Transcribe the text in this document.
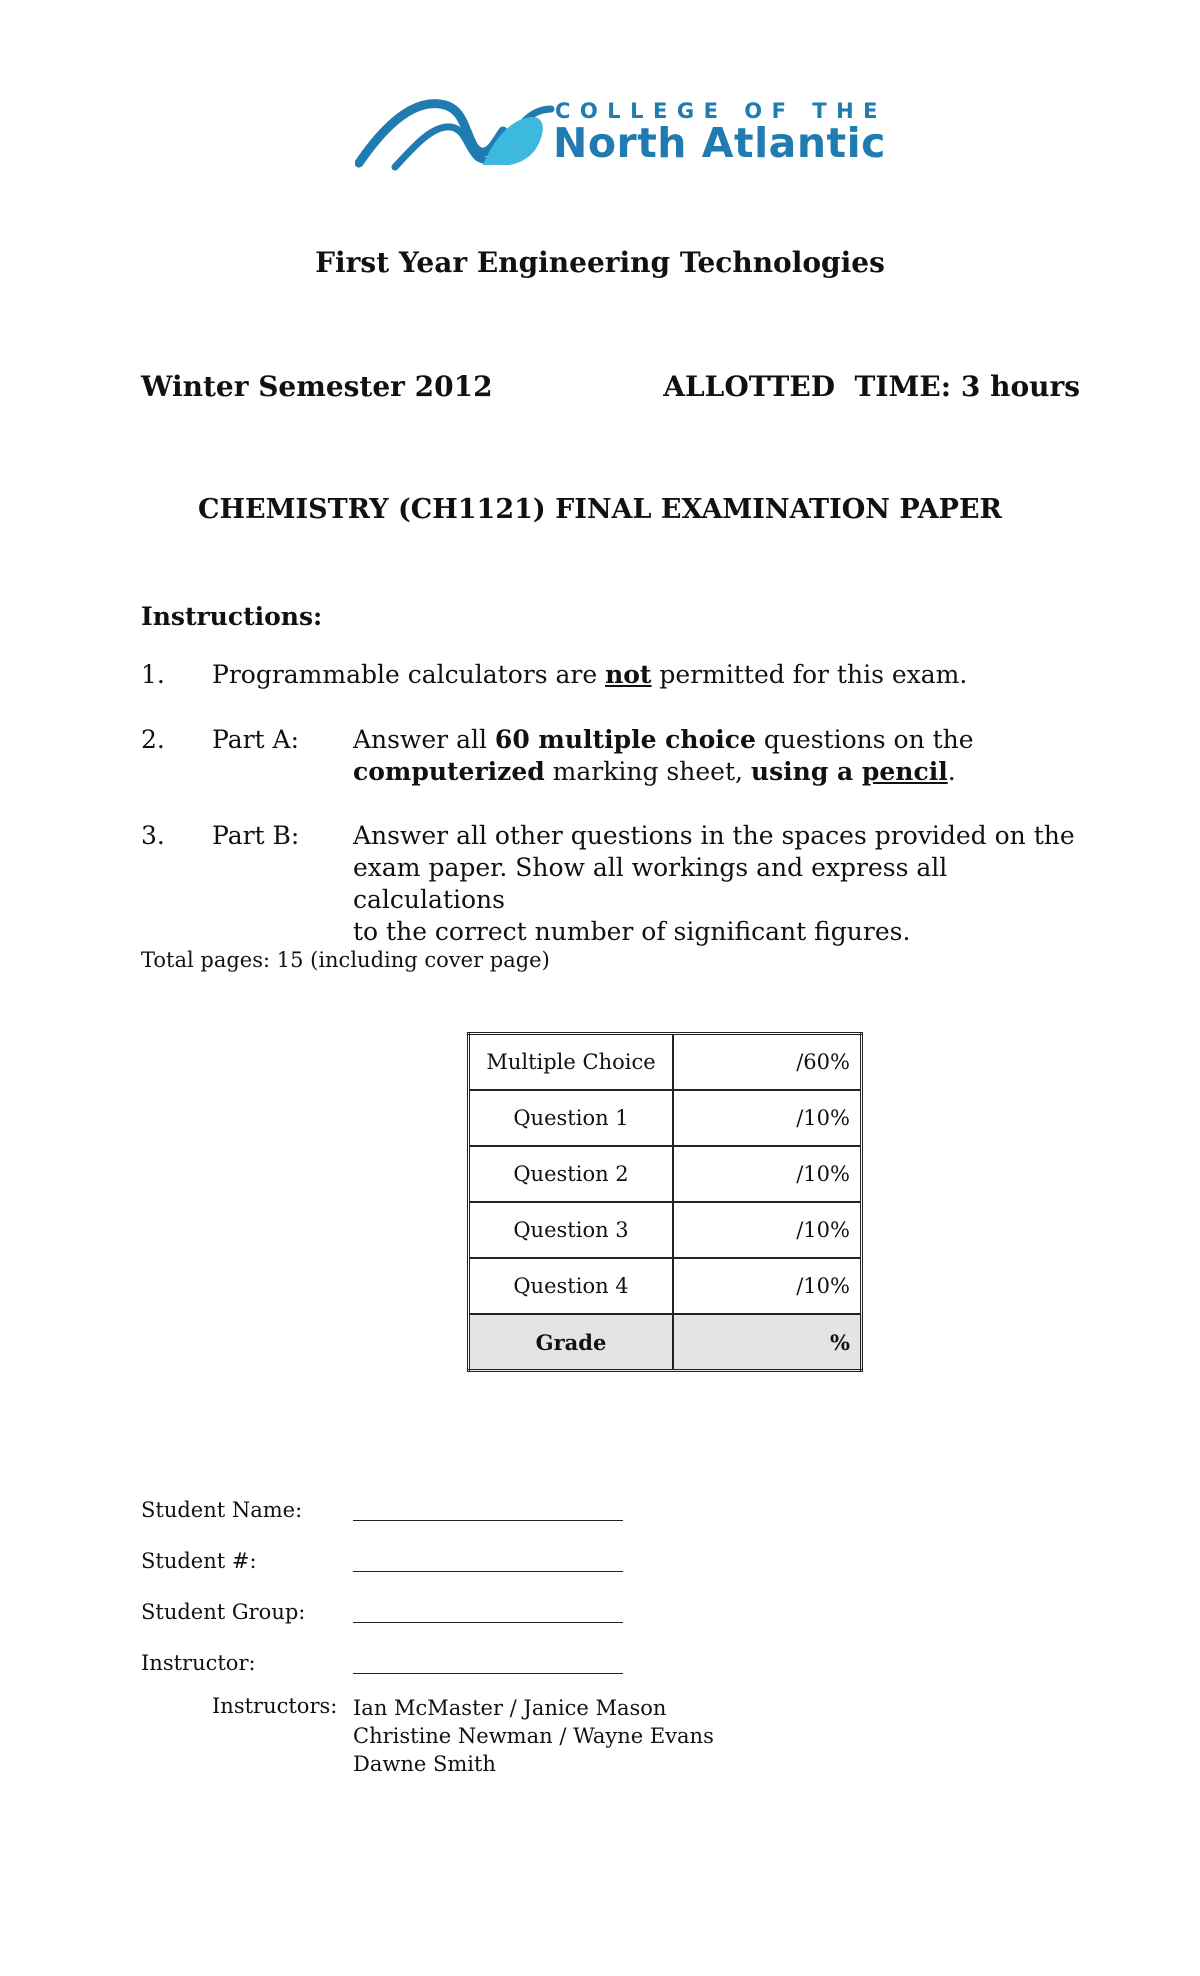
COLLEGE OF THE
North Atlantic
First Year Engineering Technologies
Winter Semester 2012	ALLOTTED  TIME: 3 hours
CHEMISTRY (CH1121) FINAL EXAMINATION PAPER
Instructions:
1. Programmable calculators are not permitted for this exam.
2. Part A: Answer all 60 multiple choice questions on the
computerized marking sheet, using a pencil.
3. Part B: Answer all other questions in the spaces provided on the
exam paper. Show all workings and express all calculations
to the correct number of significant figures.
Total pages: 15 (including cover page)
Multiple Choice	/60%
Question 1	/10%
Question 2	/10%
Question 3	/10%
Question 4	/10%
Grade	%
Student Name:
Student #:
Student Group:
Instructor:
Instructors: Ian McMaster / Janice Mason
Christine Newman / Wayne Evans
Dawne Smith
